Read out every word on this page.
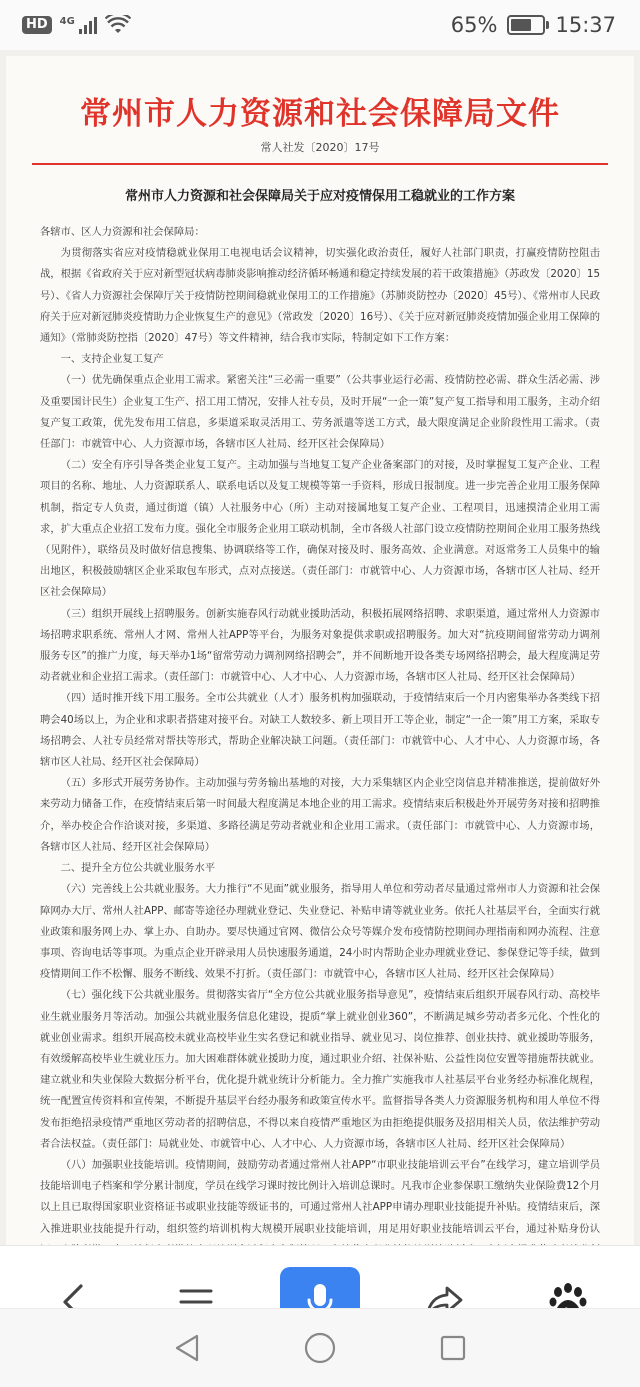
HD	4G	65%	15:37
常州市人力资源和社会保障局文件
常人社发〔2020〕17号
常州市人力资源和社会保障局关于应对疫情保用工稳就业的工作方案

各辖市、区人力资源和社会保障局：

为贯彻落实省应对疫情稳就业保用工电视电话会议精神，切实强化政治责任，履好人社部门职责，打赢疫情防控阻击战，根据《省政府关于应对新型冠状病毒肺炎影响推动经济循环畅通和稳定持续发展的若干政策措施》（苏政发〔2020〕15号）、《省人力资源社会保障厅关于疫情防控期间稳就业保用工的工作措施》（苏肺炎防控办〔2020〕45号）、《常州市人民政府关于应对新冠肺炎疫情助力企业恢复生产的意见》（常政发〔2020〕16号）、《关于应对新冠肺炎疫情加强企业用工保障的通知》（常肺炎防控指〔2020〕47号）等文件精神，结合我市实际，特制定如下工作方案：

一、支持企业复工复产

（一）优先确保重点企业用工需求。紧密关注“三必需一重要”（公共事业运行必需、疫情防控必需、群众生活必需、涉及重要国计民生）企业复工生产、招工用工情况，安排人社专员，及时开展“一企一策”复产复工指导和用工服务，主动介绍复产复工政策，优先发布用工信息，多渠道采取灵活用工、劳务派遣等送工方式，最大限度满足企业阶段性用工需求。（责任部门：市就管中心、人力资源市场，各辖市区人社局、经开区社会保障局）

（二）安全有序引导各类企业复工复产。主动加强与当地复工复产企业备案部门的对接，及时掌握复工复产企业、工程项目的名称、地址、人力资源联系人、联系电话以及复工规模等第一手资料，形成日报制度。进一步完善企业用工服务保障机制，指定专人负责，通过街道（镇）人社服务中心（所）主动对接属地复工复产企业、工程项目，迅速摸清企业用工需求，扩大重点企业招工发布力度。强化全市服务企业用工联动机制，全市各级人社部门设立疫情防控期间企业用工服务热线（见附件），联络员及时做好信息搜集、协调联络等工作，确保对接及时、服务高效、企业满意。对返常务工人员集中的输出地区，积极鼓励辖区企业采取包车形式，点对点接送。（责任部门：市就管中心、人力资源市场，各辖市区人社局、经开区社会保障局）

（三）组织开展线上招聘服务。创新实施春风行动就业援助活动，积极拓展网络招聘、求职渠道，通过常州人力资源市场招聘求职系统、常州人才网、常州人社APP等平台，为服务对象提供求职或招聘服务。加大对“抗疫期间留常劳动力调剂服务专区”的推广力度，每天举办1场“留常劳动力调剂网络招聘会”，并不间断地开设各类专场网络招聘会，最大程度满足劳动者就业和企业招工需求。（责任部门：市就管中心、人才中心、人力资源市场，各辖市区人社局、经开区社会保障局）

（四）适时推开线下用工服务。全市公共就业（人才）服务机构加强联动，于疫情结束后一个月内密集举办各类线下招聘会40场以上，为企业和求职者搭建对接平台。对缺工人数较多、新上项目开工等企业，制定“一企一策”用工方案，采取专场招聘会、人社专员经常对帮扶等形式，帮助企业解决缺工问题。（责任部门：市就管中心、人才中心、人力资源市场，各辖市区人社局、经开区社会保障局）

（五）多形式开展劳务协作。主动加强与劳务输出基地的对接，大力采集辖区内企业空岗信息并精准推送，提前做好外来劳动力储备工作，在疫情结束后第一时间最大程度满足本地企业的用工需求。疫情结束后积极赴外开展劳务对接和招聘推介，举办校企合作洽谈对接，多渠道、多路径满足劳动者就业和企业用工需求。（责任部门：市就管中心、人力资源市场，各辖市区人社局、经开区社会保障局）

二、提升全方位公共就业服务水平

（六）完善线上公共就业服务。大力推行“不见面”就业服务，指导用人单位和劳动者尽量通过常州市人力资源和社会保障网办大厅、常州人社APP、邮寄等途径办理就业登记、失业登记、补贴申请等就业业务。依托人社基层平台，全面实行就业政策和服务网上办、掌上办、自助办。要尽快通过官网、微信公众号等媒介发布疫情防控期间办理指南和网办流程、注意事项、咨询电话等事项。为重点企业开辟录用人员快速服务通道，24小时内帮助企业办理就业登记、参保登记等手续，做到疫情期间工作不松懈、服务不断线、效果不打折。（责任部门：市就管中心，各辖市区人社局、经开区社会保障局）

（七）强化线下公共就业服务。贯彻落实省厅“全方位公共就业服务指导意见”，疫情结束后组织开展春风行动、高校毕业生就业服务月等活动。加强公共就业服务信息化建设，提质“掌上就业创业360”，不断满足城乡劳动者多元化、个性化的就业创业需求。组织开展高校未就业高校毕业生实名登记和就业指导、就业见习、岗位推荐、创业扶持、就业援助等服务，有效缓解高校毕业生就业压力。加大困难群体就业援助力度，通过职业介绍、社保补贴、公益性岗位安置等措施帮扶就业。建立就业和失业保险大数据分析平台，优化提升就业统计分析能力。全力推广实施我市人社基层平台业务经办标准化规程，统一配置宣传资料和宣传架，不断提升基层平台经办服务和政策宣传水平。监督指导各类人力资源服务机构和用人单位不得发布拒绝招录疫情严重地区劳动者的招聘信息，不得以来自疫情严重地区为由拒绝提供服务及招用相关人员，依法维护劳动者合法权益。（责任部门：局就业处、市就管中心、人才中心、人力资源市场，各辖市区人社局、经开区社会保障局）

（八）加强职业技能培训。疫情期间，鼓励劳动者通过常州人社APP“市职业技能培训云平台”在线学习，建立培训学员技能培训电子档案和学分累计制度，学员在线学习课时按比例计入培训总课时。凡我市企业参保职工缴纳失业保险费12个月以上且已取得国家职业资格证书或职业技能等级证书的，可通过常州人社APP申请办理职业技能提升补贴。疫情结束后，深入推进职业技能提升行动，组织签约培训机构大规模开展职业技能培训，用足用好职业技能培训云平台，通过补贴身份认
